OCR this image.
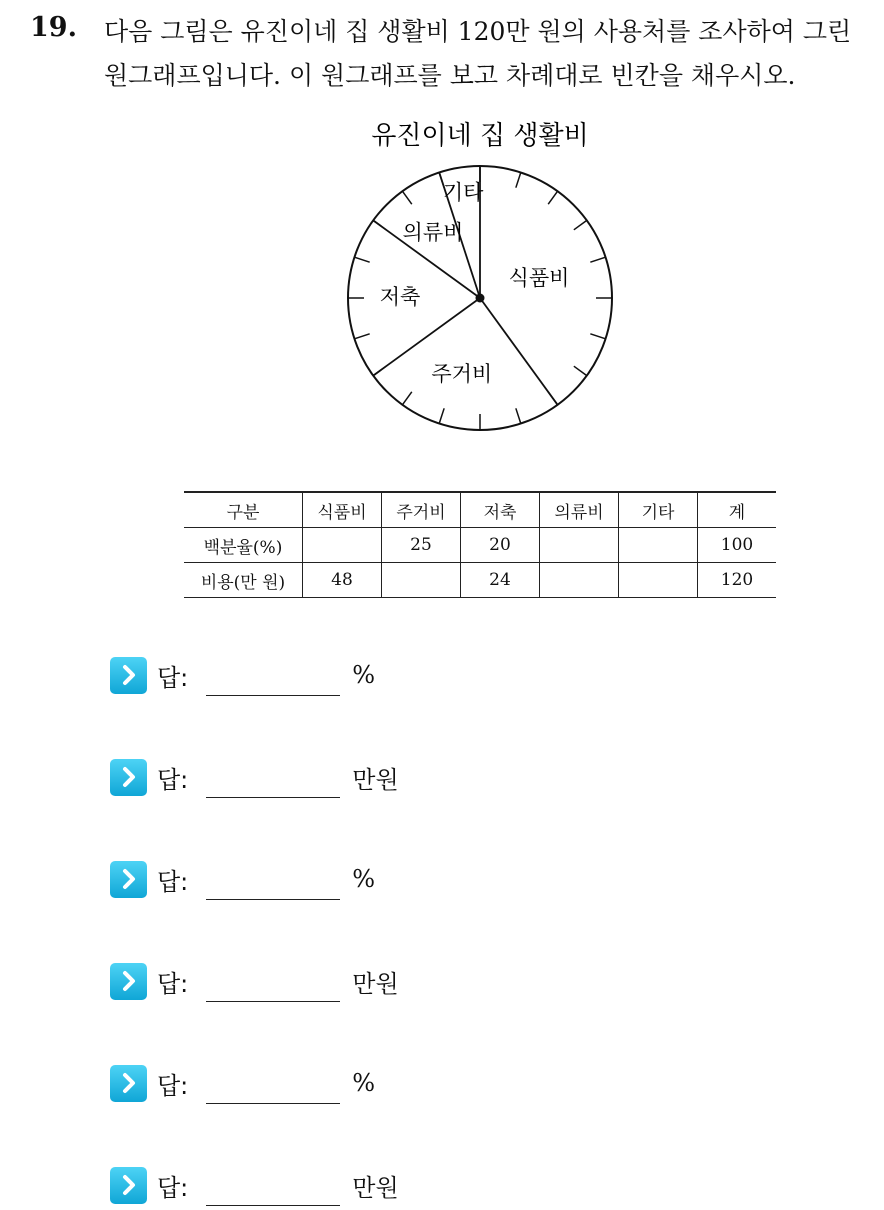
19. 다음 그림은 유진이네 집 생활비 120만 원의 사용처를 조사하여 그린
원그래프입니다. 이 원그래프를 보고 차례대로 빈칸을 채우시오.
유진이네 집 생활비
식품비
주거비
저축
의류비
기타
구분	식품비	주거비	저축	의류비	기타	계
백분율(%)		25	20			100
비용(만 원)	48		24			120
답:	%
답:	만원
답:	%
답:	만원
답:	%
답:	만원
